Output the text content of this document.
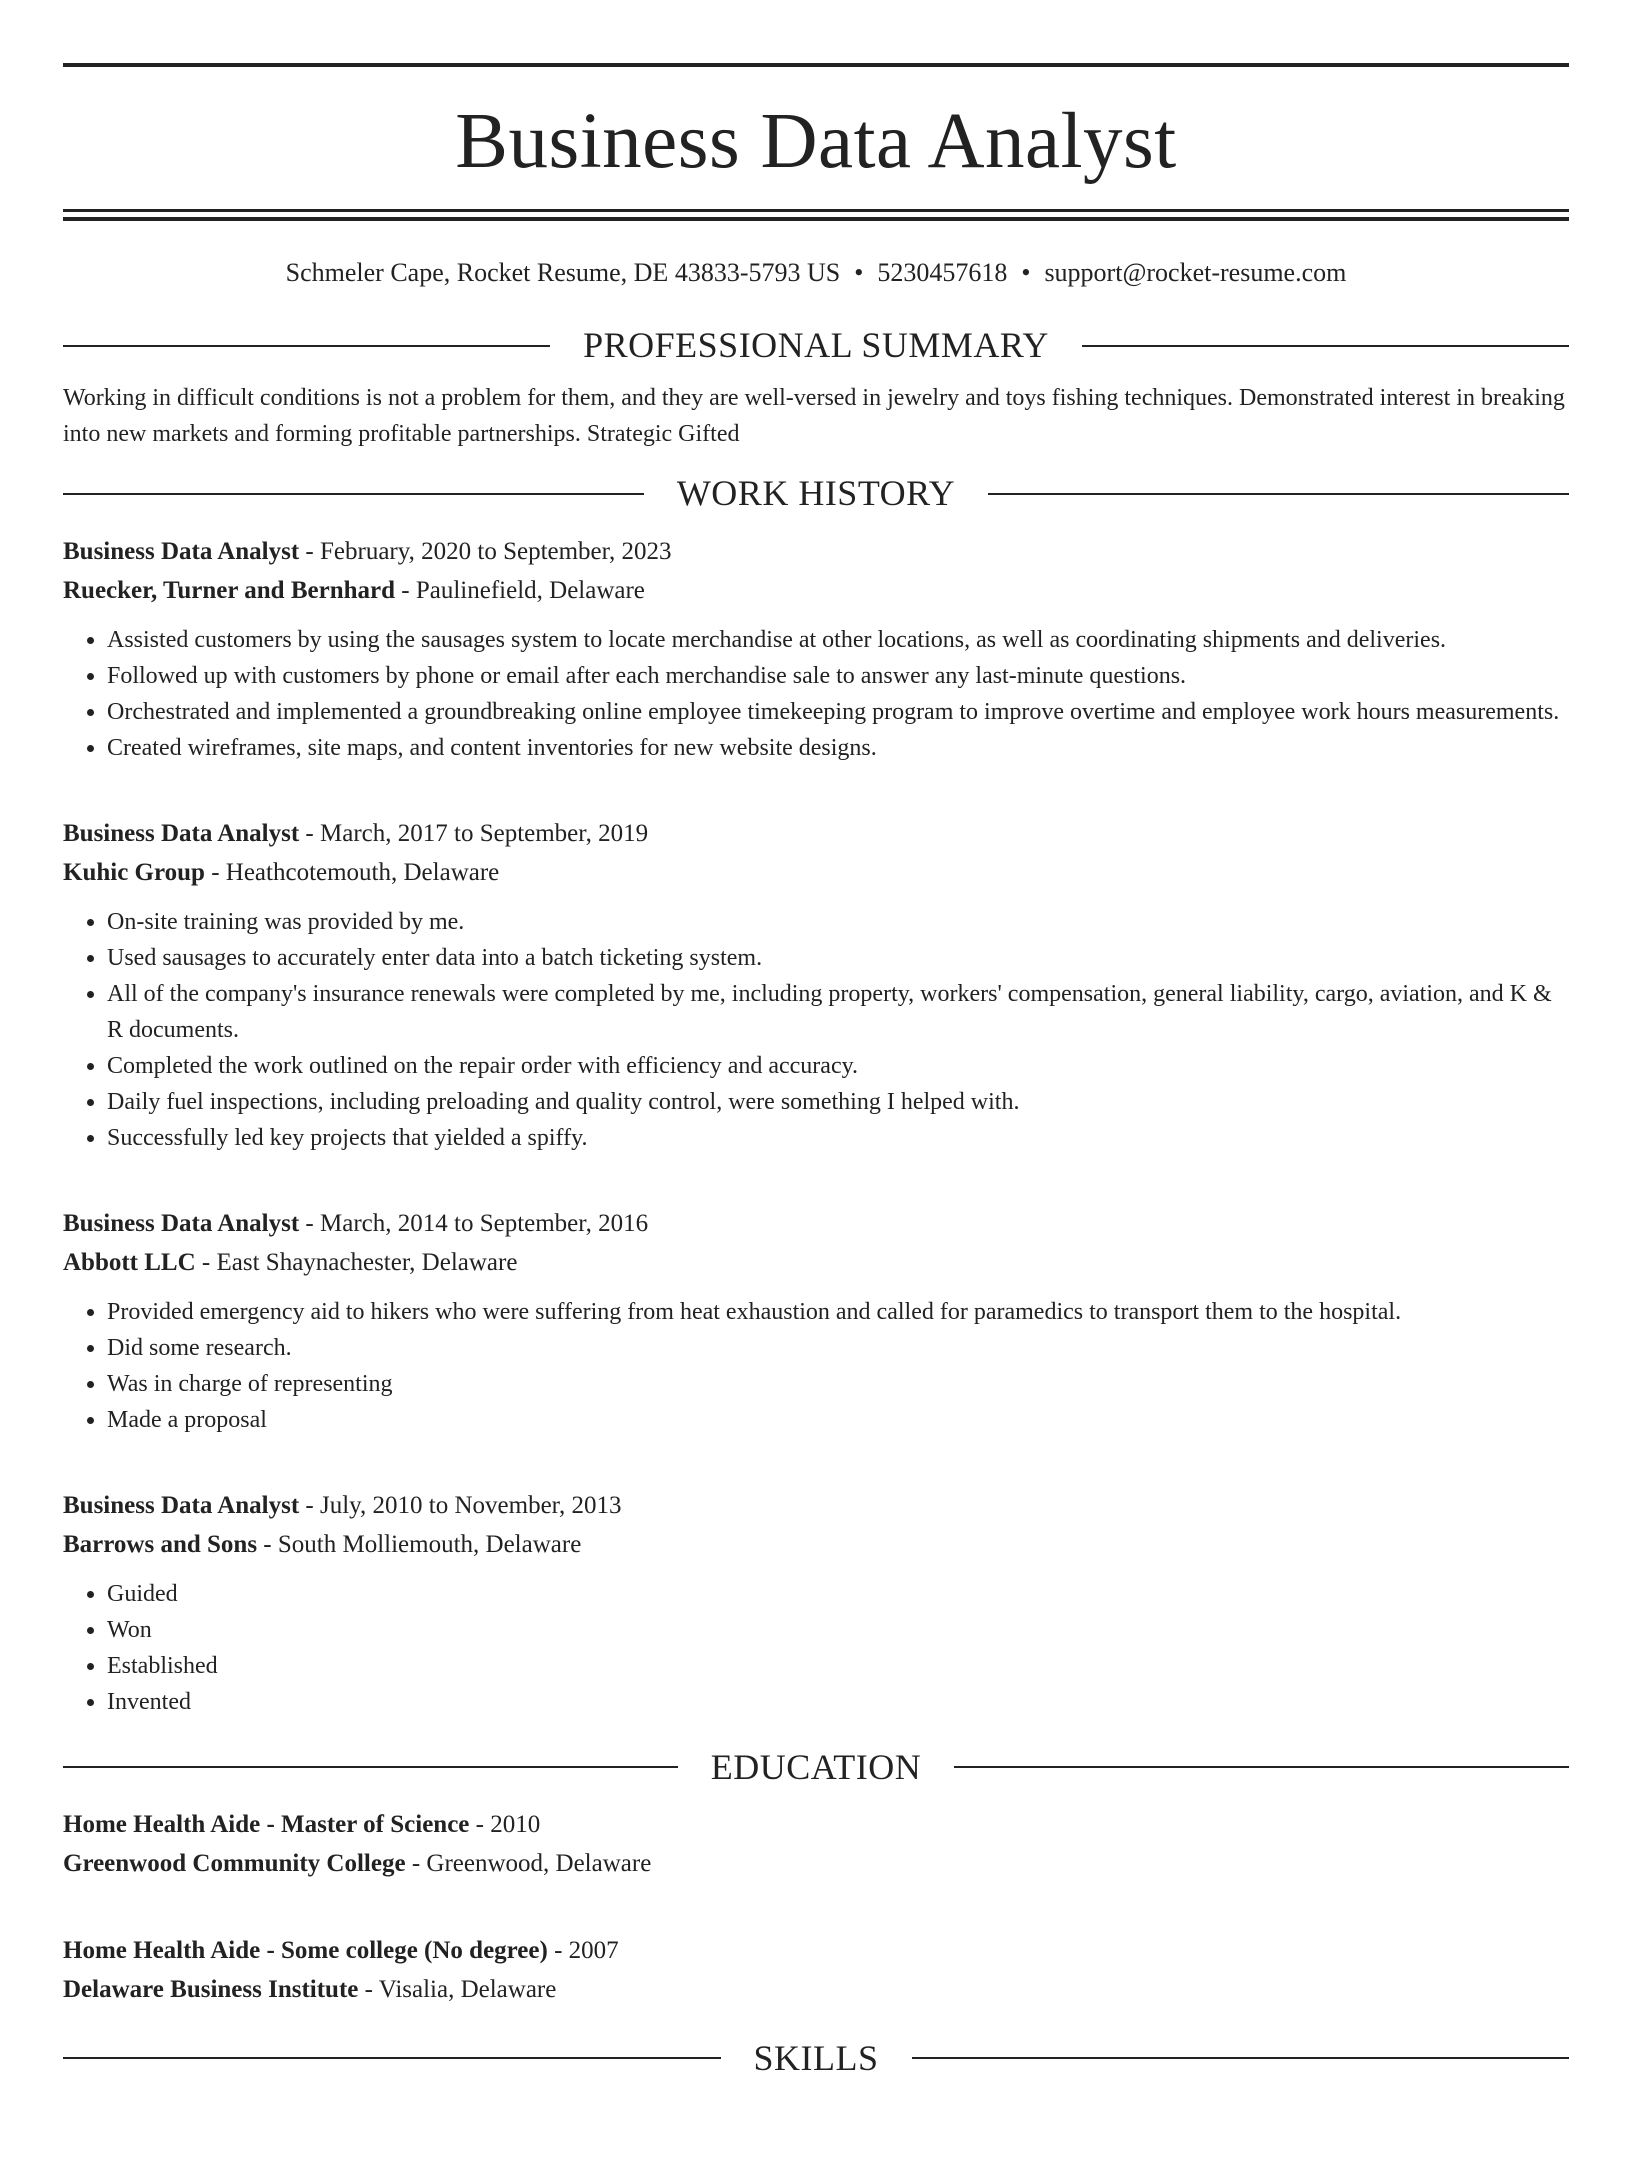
Business Data Analyst
Schmeler Cape, Rocket Resume, DE 43833-5793 US • 5230457618 • support@rocket-resume.com
PROFESSIONAL SUMMARY

Working in difficult conditions is not a problem for them, and they are well-versed in jewelry and toys fishing techniques. Demonstrated interest in breaking into new markets and forming profitable partnerships. Strategic Gifted

WORK HISTORY
Business Data Analyst - February, 2020 to September, 2023
Ruecker, Turner and Bernhard - Paulinefield, Delaware
• Assisted customers by using the sausages system to locate merchandise at other locations, as well as coordinating shipments and deliveries.
• Followed up with customers by phone or email after each merchandise sale to answer any last-minute questions.
• Orchestrated and implemented a groundbreaking online employee timekeeping program to improve overtime and employee work hours measurements.
• Created wireframes, site maps, and content inventories for new website designs.
Business Data Analyst - March, 2017 to September, 2019
Kuhic Group - Heathcotemouth, Delaware
• On-site training was provided by me.
• Used sausages to accurately enter data into a batch ticketing system.
• All of the company's insurance renewals were completed by me, including property, workers' compensation, general liability, cargo, aviation, and K & R documents.
• Completed the work outlined on the repair order with efficiency and accuracy.
• Daily fuel inspections, including preloading and quality control, were something I helped with.
• Successfully led key projects that yielded a spiffy.
Business Data Analyst - March, 2014 to September, 2016
Abbott LLC - East Shaynachester, Delaware
• Provided emergency aid to hikers who were suffering from heat exhaustion and called for paramedics to transport them to the hospital.
• Did some research.
• Was in charge of representing
• Made a proposal
Business Data Analyst - July, 2010 to November, 2013
Barrows and Sons - South Molliemouth, Delaware
• Guided
• Won
• Established
• Invented
EDUCATION
Home Health Aide - Master of Science - 2010
Greenwood Community College - Greenwood, Delaware
Home Health Aide - Some college (No degree) - 2007
Delaware Business Institute - Visalia, Delaware
SKILLS
